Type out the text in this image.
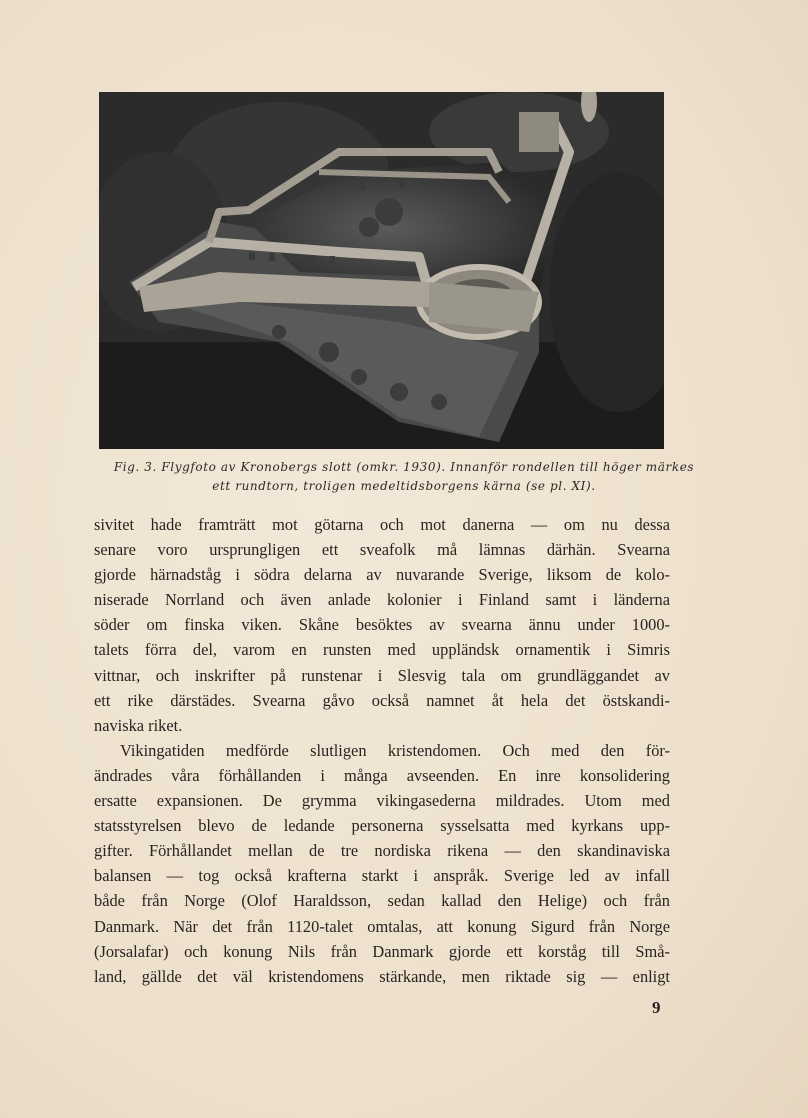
Fig. 3. Flygfoto av Kronobergs slott (omkr. 1930). Innanför rondellen till höger märkes
ett rundtorn, troligen medeltidsborgens kärna (se pl. XI).
sivitet hade framträtt mot götarna och mot danerna — om nu dessa
senare voro ursprungligen ett sveafolk må lämnas därhän. Svearna
gjorde härnadståg i södra delarna av nuvarande Sverige, liksom de kolo-
niserade Norrland och även anlade kolonier i Finland samt i länderna
söder om finska viken. Skåne besöktes av svearna ännu under 1000-
talets förra del, varom en runsten med uppländsk ornamentik i Simris
vittnar, och inskrifter på runstenar i Slesvig tala om grundläggandet av
ett rike därstädes. Svearna gåvo också namnet åt hela det östskandi-
naviska riket.
Vikingatiden medförde slutligen kristendomen. Och med den för-
ändrades våra förhållanden i många avseenden. En inre konsolidering
ersatte expansionen. De grymma vikingasederna mildrades. Utom med
statsstyrelsen blevo de ledande personerna sysselsatta med kyrkans upp-
gifter. Förhållandet mellan de tre nordiska rikena — den skandinaviska
balansen — tog också krafterna starkt i anspråk. Sverige led av infall
både från Norge (Olof Haraldsson, sedan kallad den Helige) och från
Danmark. När det från 1120-talet omtalas, att konung Sigurd från Norge
(Jorsalafar) och konung Nils från Danmark gjorde ett korståg till Små-
land, gällde det väl kristendomens stärkande, men riktade sig — enligt
9
